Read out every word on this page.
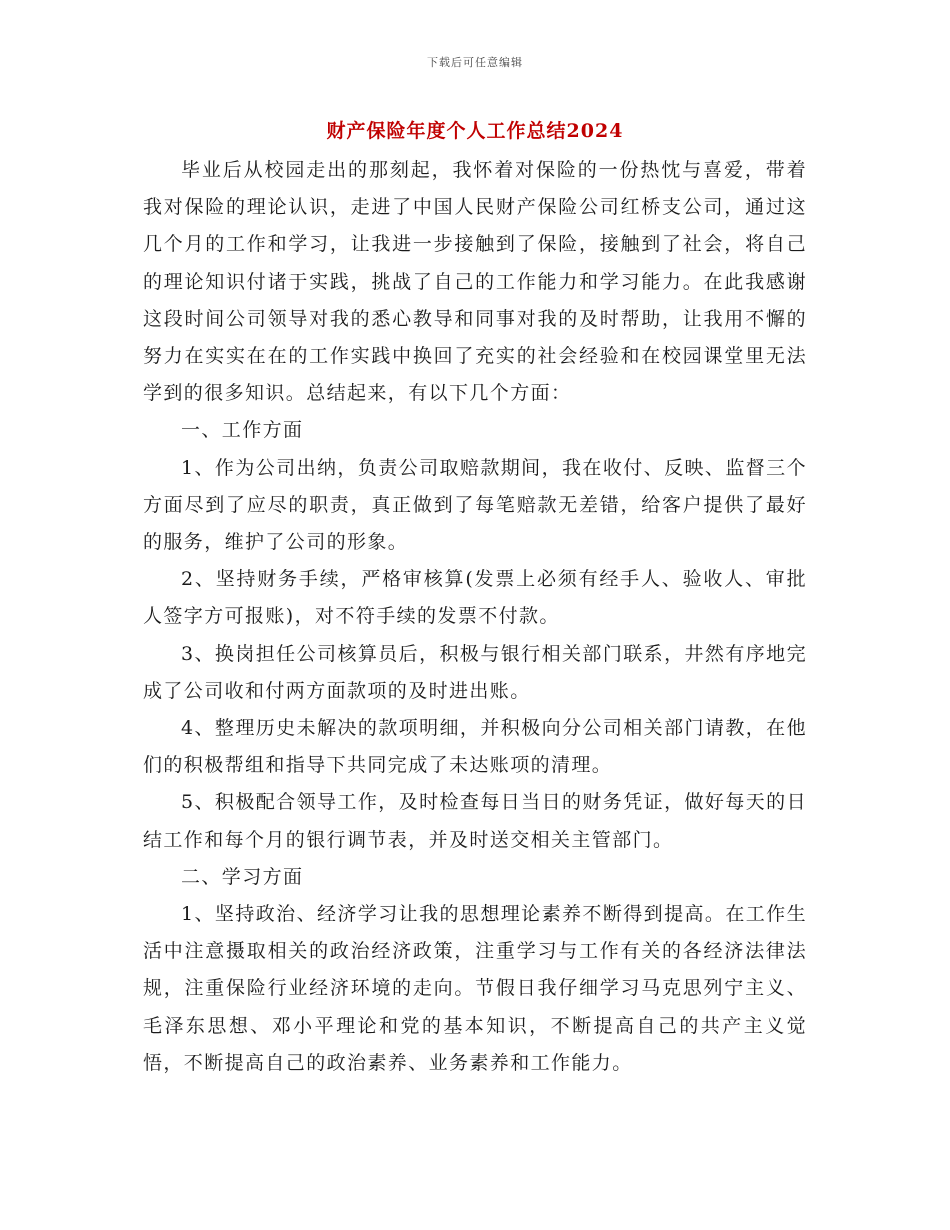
下载后可任意编辑
财产保险年度个人工作总结2024

毕业后从校园走出的那刻起，我怀着对保险的一份热忱与喜爱，带着我对保险的理论认识，走进了中国人民财产保险公司红桥支公司，通过这几个月的工作和学习，让我进一步接触到了保险，接触到了社会，将自己的理论知识付诸于实践，挑战了自己的工作能力和学习能力。在此我感谢这段时间公司领导对我的悉心教导和同事对我的及时帮助，让我用不懈的努力在实实在在的工作实践中换回了充实的社会经验和在校园课堂里无法学到的很多知识。总结起来，有以下几个方面：

一、工作方面

1、作为公司出纳，负责公司取赔款期间，我在收付、反映、监督三个方面尽到了应尽的职责，真正做到了每笔赔款无差错，给客户提供了最好的服务，维护了公司的形象。

2、坚持财务手续，严格审核算(发票上必须有经手人、验收人、审批人签字方可报账)，对不符手续的发票不付款。

3、换岗担任公司核算员后，积极与银行相关部门联系，井然有序地完成了公司收和付两方面款项的及时进出账。

4、整理历史未解决的款项明细，并积极向分公司相关部门请教，在他们的积极帮组和指导下共同完成了未达账项的清理。

5、积极配合领导工作，及时检查每日当日的财务凭证，做好每天的日结工作和每个月的银行调节表，并及时送交相关主管部门。

二、学习方面

1、坚持政治、经济学习让我的思想理论素养不断得到提高。在工作生活中注意摄取相关的政治经济政策，注重学习与工作有关的各经济法律法规，注重保险行业经济环境的走向。节假日我仔细学习马克思列宁主义、毛泽东思想、邓小平理论和党的基本知识，不断提高自己的共产主义觉悟，不断提高自己的政治素养、业务素养和工作能力。
